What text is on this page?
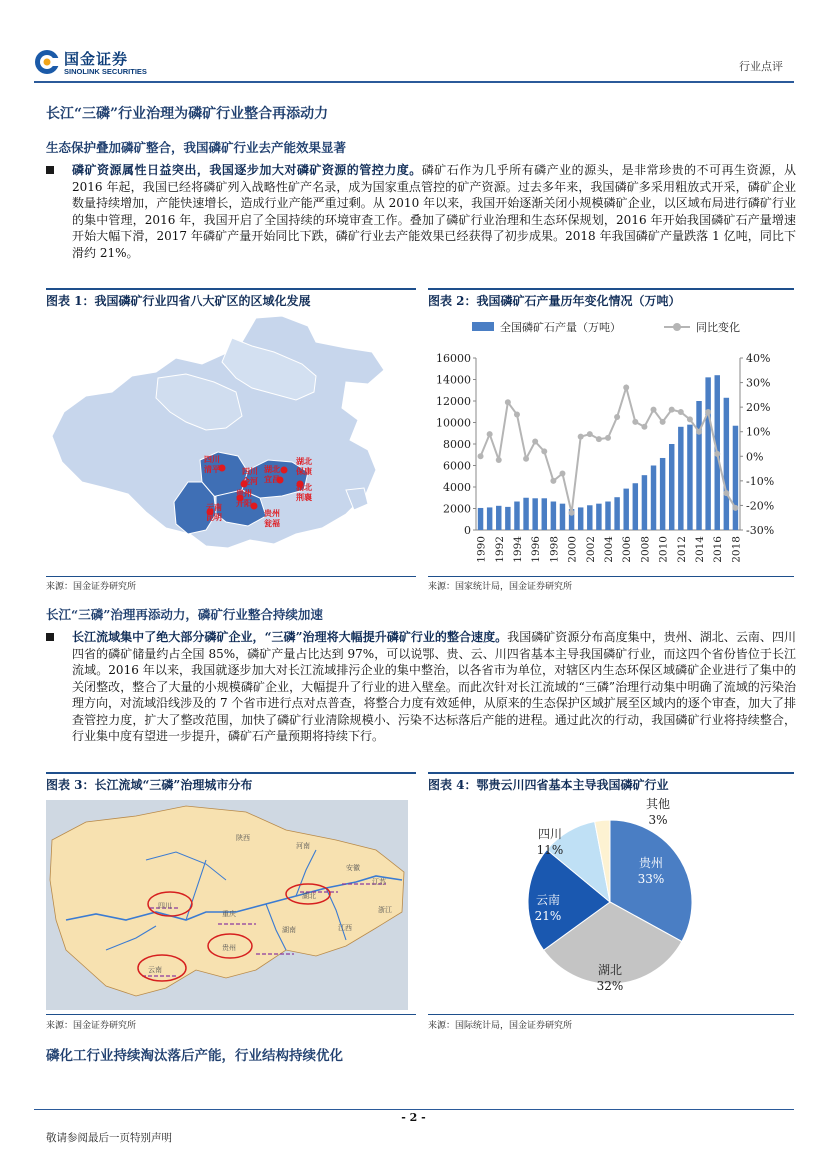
国金证券
SINOLINK SECURITIES	行业点评
长江“三磷”行业治理为磷矿行业整合再添动力
生态保护叠加磷矿整合，我国磷矿行业去产能效果显著
磷矿资源属性日益突出，我国逐步加大对磷矿资源的管控力度。磷矿石作为几乎所有磷产业的源头，是非常珍贵的不可再生资源，从 2016 年起，我国已经将磷矿列入战略性矿产名录，成为国家重点管控的矿产资源。过去多年来，我国磷矿多采用粗放式开采，磷矿企业数量持续增加，产能快速增长，造成行业产能严重过剩。从 2010 年以来，我国开始逐渐关闭小规模磷矿企业，以区域布局进行磷矿行业的集中管理，2016 年，我国开启了全国持续的环境审查工作。叠加了磷矿行业治理和生态环保规划，2016 年开始我国磷矿石产量增速开始大幅下滑，2017 年磷矿产量开始同比下跌，磷矿行业去产能效果已经获得了初步成果。2018 年我国磷矿产量跌落 1 亿吨，同比下滑约 21%。
图表 1：我国磷矿行业四省八大矿区的区域化发展
四川
清平	四川
金河
贵州
开阳
湖北
宜昌
湖北
保康
湖北
荆襄
贵州
瓮福
云南
昆明
来源：国金证券研究所
图表 2：我国磷矿石产量历年变化情况（万吨）
全国磷矿石产量（万吨）	同比变化
0
2000
4000
6000
8000
10000
12000
14000
16000	40%
30%
20%
10%
0%
-10%
-20%
-30%
1990 1992 1994 1996 1998 2000 2002 2004 2006 2008 2010 2012 2014 2016 2018
来源：国家统计局，国金证券研究所
长江“三磷”治理再添动力，磷矿行业整合持续加速
长江流域集中了绝大部分磷矿企业，“三磷”治理将大幅提升磷矿行业的整合速度。我国磷矿资源分布高度集中，贵州、湖北、云南、四川四省的磷矿储量约占全国 85%，磷矿产量占比达到 97%，可以说鄂、贵、云、川四省基本主导我国磷矿行业，而这四个省份皆位于长江流域。2016 年以来，我国就逐步加大对长江流域排污企业的集中整治，以各省市为单位，对辖区内生态环保区域磷矿企业进行了集中的关闭整改，整合了大量的小规模磷矿企业，大幅提升了行业的进入壁垒。而此次针对长江流域的“三磷”治理行动集中明确了流域的污染治理方向，对流域沿线涉及的 7 个省市进行点对点普查，将整合力度有效延伸，从原来的生态保护区域扩展至区域内的逐个审查，加大了排查管控力度，扩大了整改范围，加快了磷矿行业清除规模小、污染不达标落后产能的进程。通过此次的行动，我国磷矿行业将持续整合，行业集中度有望进一步提升，磷矿石产量预期将持续下行。
图表 3：长江流域“三磷”治理城市分布
陕西
河南
安徽
江苏
湖北
四川
重庆
湖南	江西
贵州
云南
浙江
来源：国金证券研究所
图表 4：鄂贵云川四省基本主导我国磷矿行业
贵州
33%
湖北
32%
云南
21%
四川
11%
其他
3%
来源：国际统计局，国金证券研究所
磷化工行业持续淘汰落后产能，行业结构持续优化
- 2 -
敬请参阅最后一页特别声明
